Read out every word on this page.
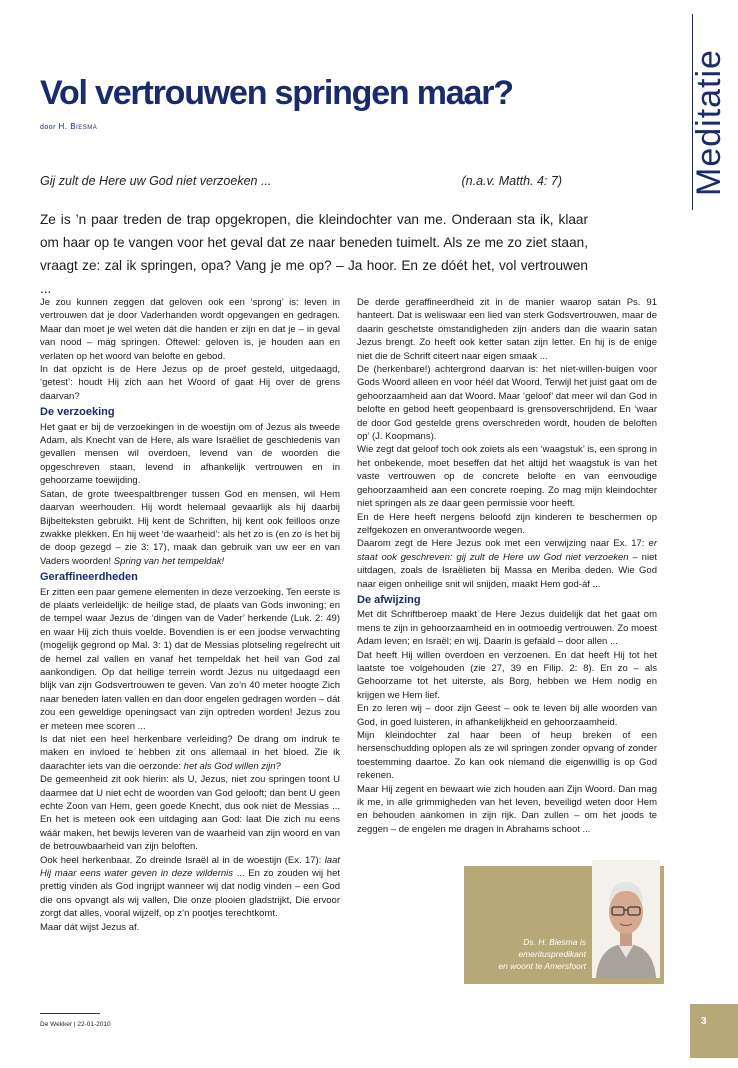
Meditatie
Vol vertrouwen springen maar?
door H. Biesma
Gij zult de Here uw God niet verzoeken ...	(n.a.v. Matth. 4: 7)
Ze is ’n paar treden de trap opgekropen, die kleindochter van me. Onderaan sta ik, klaar om haar op te vangen voor het geval dat ze naar beneden tuimelt. Als ze me zo ziet staan, vraagt ze: zal ik springen, opa? Vang je me op? – Ja hoor. En ze dóét het, vol vertrouwen ...

Je zou kunnen zeggen dat geloven ook een ‘sprong’ is: leven in vertrouwen dat je door Vaderhanden wordt opgevangen en gedragen. Maar dan moet je wel weten dát die handen er zijn en dat je – in geval van nood – mág springen. Oftewel: geloven is, je houden aan en verlaten op het woord van belofte en gebod.

In dat opzicht is de Here Jezus op de proef gesteld, uitgedaagd, ‘getest’: houdt Hij zich aan het Woord of gaat Hij over de grens daarvan?

De verzoeking

Het gaat er bij de verzoekingen in de woestijn om of Jezus als tweede Adam, als Knecht van de Here, als ware Israëliet de geschiedenis van gevallen mensen wil overdoen, levend van de woorden die opgeschreven staan, levend in afhankelijk vertrouwen en in gehoorzame toewijding.

Satan, de grote tweespaltbrenger tussen God en mensen, wil Hem daarvan weerhouden. Hij wordt helemaal gevaarlijk als hij daarbij Bijbelteksten gebruikt. Hij kent de Schriften, hij kent ook feilloos onze zwakke plekken. En hij weet ‘de waarheid’: als het zo is (en zo ís het bij de doop gezegd – zie 3: 17), maak dan gebruik van uw eer en van Vaders woorden! Spring van het tempeldak!

Geraffineerdheden

Er zitten een paar gemene elementen in deze verzoeking. Ten eerste is de plaats verleidelijk: de heilige stad, de plaats van Gods inwoning; en de tempel waar Jezus de ‘dingen van de Vader’ herkende (Luk. 2: 49) en waar Hij zich thuis voelde. Bovendien is er een joodse verwachting (mogelijk gegrond op Mal. 3: 1) dat de Messias plotseling regelrecht uit de hemel zal vallen en vanaf het tempeldak het heil van God zal aankondigen. Op dat heilige terrein wordt Jezus nu uitgedaagd een blijk van zijn Godsvertrouwen te geven. Van zo’n 40 meter hoogte Zich naar beneden laten vallen en dan door engelen gedragen worden – dát zou een geweldige openingsact van zijn optreden worden! Jezus zou er meteen mee scoren ...

Is dat niet een heel herkenbare verleiding? De drang om indruk te maken en invloed te hebben zit ons allemaal in het bloed. Zie ik daarachter iets van die oerzonde: het als God willen zijn?

De gemeenheid zit ook hierin: als U, Jezus, niet zou springen toont U daarmee dat U niet echt de woorden van God gelooft; dan bent U geen echte Zoon van Hem, geen goede Knecht, dus ook niet de Messias ... En het is meteen ook een uitdaging aan God: laat Die zich nu eens wáár maken, het bewijs leveren van de waarheid van zijn woord en van de betrouwbaarheid van zijn beloften.

Ook heel herkenbaar. Zo dreinde Israël al in de woestijn (Ex. 17): laat Hij maar eens water geven in deze wildernis ... En zo zouden wij het prettig vinden als God ingrijpt wanneer wij dat nodig vinden – een God die ons opvangt als wij vallen, Die onze plooien gladstrijkt, Die ervoor zorgt dat alles, vooral wijzelf, op z’n pootjes terechtkomt.

Maar dát wijst Jezus af.

De derde geraffineerdheid zit in de manier waarop satan Ps. 91 hanteert. Dat is weliswaar een lied van sterk Godsvertrouwen, maar de daarin geschetste omstandigheden zijn anders dan die waarin satan Jezus brengt. Zo heeft ook ketter satan zijn letter. En hij is de enige niet die de Schrift citeert naar eigen smaak ...

De (herkenbare!) achtergrond daarvan is: het niet-willen-buigen voor Gods Woord alleen en voor héél dat Woord. Terwijl het juist gaat om de gehoorzaamheid aan dat Woord. Maar ‘geloof’ dat meer wil dan God in belofte en gebod heeft geopenbaard is grensoverschrijdend. En ‘waar de door God gestelde grens overschreden wordt, houden de beloften op’ (J. Koopmans).

Wie zegt dat geloof toch ook zoiets als een ‘waagstuk’ is, een sprong in het onbekende, moet beseffen dat het altijd het waagstuk is van het vaste vertrouwen op de concrete belofte en van eenvoudige gehoorzaamheid aan een concrete roeping. Zo mag mijn kleindochter niet springen als ze daar geen permissie voor heeft.

En de Here heeft nergens beloofd zijn kinderen te beschermen op zelfgekozen en onverantwoorde wegen.

Daarom zegt de Here Jezus ook met een verwijzing naar Ex. 17: er staat ook geschreven: gij zult de Here uw God niet verzoeken – niet uitdagen, zoals de Israëlieten bij Massa en Meriba deden. Wie God naar eigen onheilige snit wil snijden, maakt Hem god-áf ...

De afwijzing

Met dit Schriftberoep maakt de Here Jezus duidelijk dat het gaat om mens te zijn in gehoorzaamheid en in ootmoedig vertrouwen. Zo moest Adam leven; en Israël; en wij. Daarin is gefaald – door allen ...

Dat heeft Hij willen overdoen en verzoenen. En dat heeft Hij tot het laatste toe volgehouden (zie 27, 39 en Filip. 2: 8). En zo – als Gehoorzame tot het uiterste, als Borg, hebben we Hem nodig en krijgen we Hem lief.

En zo leren wij – door zijn Geest – ook te leven bij alle woorden van God, in goed luisteren, in afhankelijkheid en gehoorzaamheid.

Mijn kleindochter zal haar been of heup breken of een hersenschudding oplopen als ze wil springen zonder opvang of zonder toestemming daartoe. Zo kan ook niemand die eigenwillig is op God rekenen.

Maar Hij zegent en bewaart wie zich houden aan Zijn Woord. Dan mag ik me, in alle grimmigheden van het leven, beveiligd weten door Hem en behouden aankomen in zijn rijk. Dan zullen – om het joods te zeggen – de engelen me dragen in Abrahams schoot ...

Ds. H. Biesma is
emerituspredikant
en woont te Amersfoort
De Wekker | 22-01-2010	3
